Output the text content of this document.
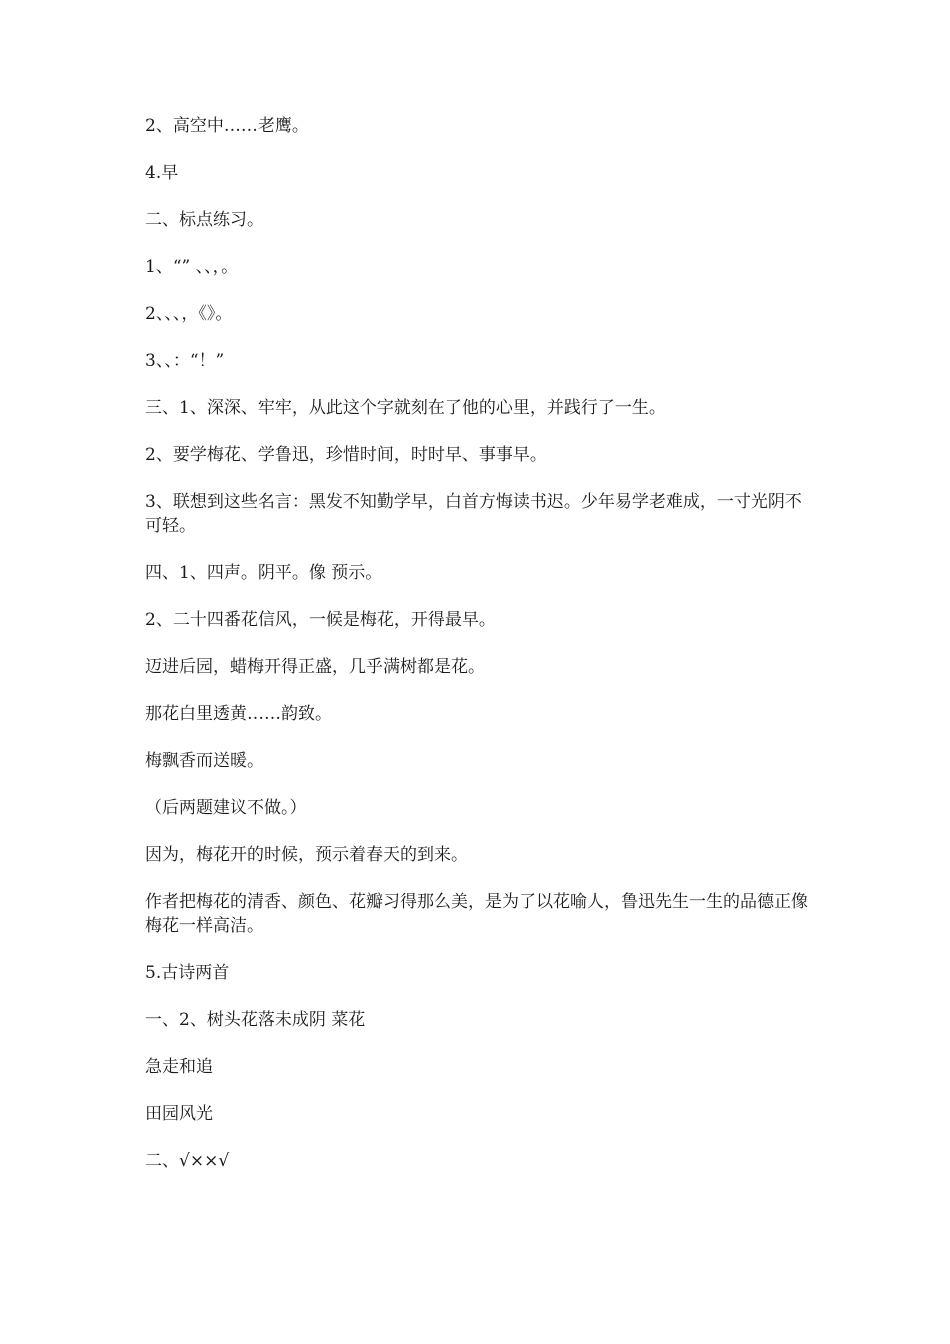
2、高空中……老鹰。

4.早

二、标点练习。

1、“” 、、，。

2、、、，《》。

3、、：“！”

三、1、深深、牢牢，从此这个字就刻在了他的心里，并践行了一生。

2、要学梅花、学鲁迅，珍惜时间，时时早、事事早。

3、联想到这些名言：黑发不知勤学早，白首方悔读书迟。少年易学老难成，一寸光阴不可轻。

四、1、四声。阴平。像 预示。

2、二十四番花信风，一候是梅花，开得最早。

迈进后园，蜡梅开得正盛，几乎满树都是花。

那花白里透黄……韵致。

梅飘香而送暖。

（后两题建议不做。）

因为，梅花开的时候，预示着春天的到来。

作者把梅花的清香、颜色、花瓣习得那么美，是为了以花喻人，鲁迅先生一生的品德正像梅花一样高洁。

5.古诗两首

一、2、树头花落未成阴 菜花

急走和追

田园风光

二、√××√
